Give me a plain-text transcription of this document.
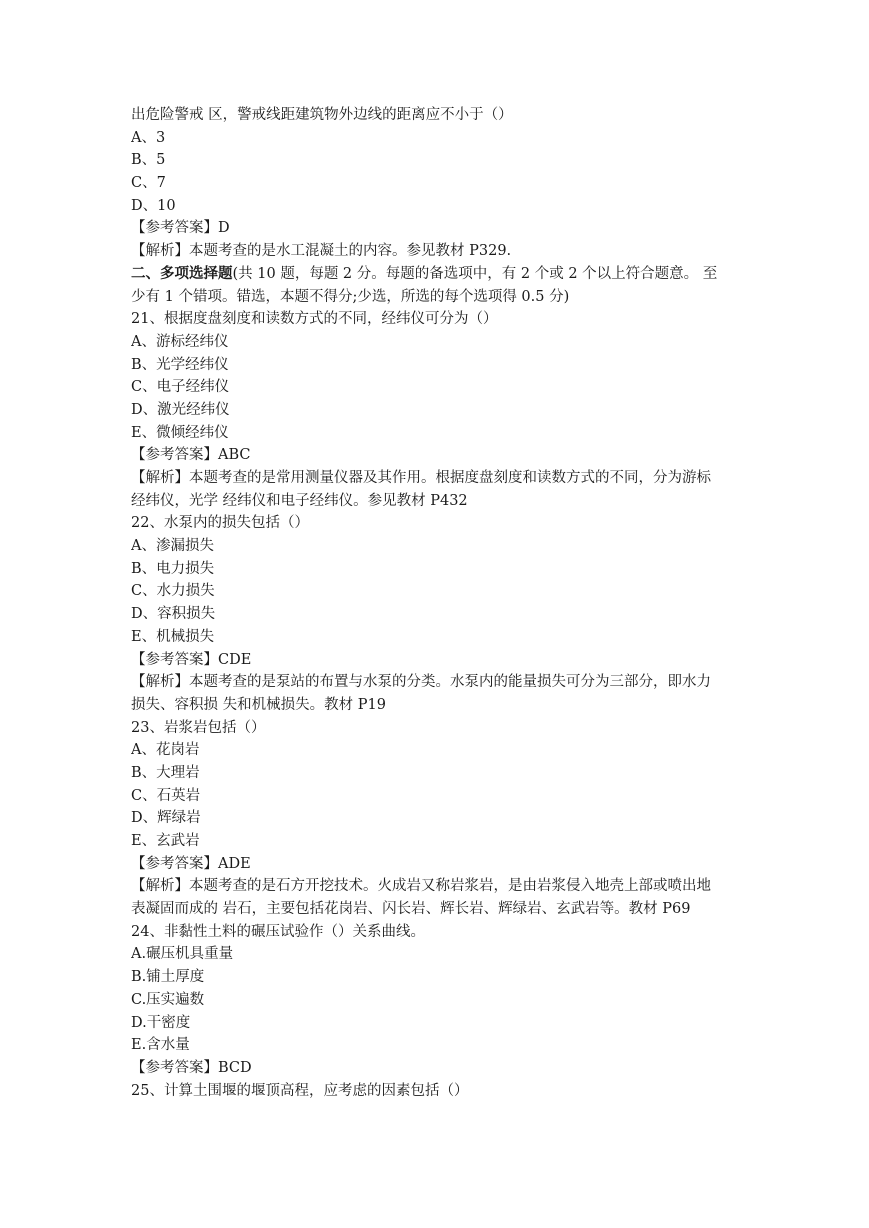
出危险警戒 区，警戒线距建筑物外边线的距离应不小于（）
A、3
B、5
C、7
D、10
【参考答案】D
【解析】本题考查的是水工混凝土的内容。参见教材 P329.
二、多项选择题(共 10 题，每题 2 分。每题的备选项中，有 2 个或 2 个以上符合题意。 至
少有 1 个错项。错选，本题不得分;少选，所选的每个选项得 0.5 分)
21、根据度盘刻度和读数方式的不同，经纬仪可分为（）
A、游标经纬仪
B、光学经纬仪
C、电子经纬仪
D、激光经纬仪
E、微倾经纬仪
【参考答案】ABC
【解析】本题考查的是常用测量仪器及其作用。根据度盘刻度和读数方式的不同，分为游标
经纬仪，光学 经纬仪和电子经纬仪。参见教材 P432
22、水泵内的损失包括（）
A、渗漏损失
B、电力损失
C、水力损失
D、容积损失
E、机械损失
【参考答案】CDE
【解析】本题考查的是泵站的布置与水泵的分类。水泵内的能量损失可分为三部分，即水力
损失、容积损 失和机械损失。教材 P19
23、岩浆岩包括（）
A、花岗岩
B、大理岩
C、石英岩
D、辉绿岩
E、玄武岩
【参考答案】ADE
【解析】本题考查的是石方开挖技术。火成岩又称岩浆岩，是由岩浆侵入地壳上部或喷出地
表凝固而成的 岩石，主要包括花岗岩、闪长岩、辉长岩、辉绿岩、玄武岩等。教材 P69
24、非黏性土料的碾压试验作（）关系曲线。
A.碾压机具重量
B.铺土厚度
C.压实遍数
D.干密度
E.含水量
【参考答案】BCD
25、计算土围堰的堰顶高程，应考虑的因素包括（）
